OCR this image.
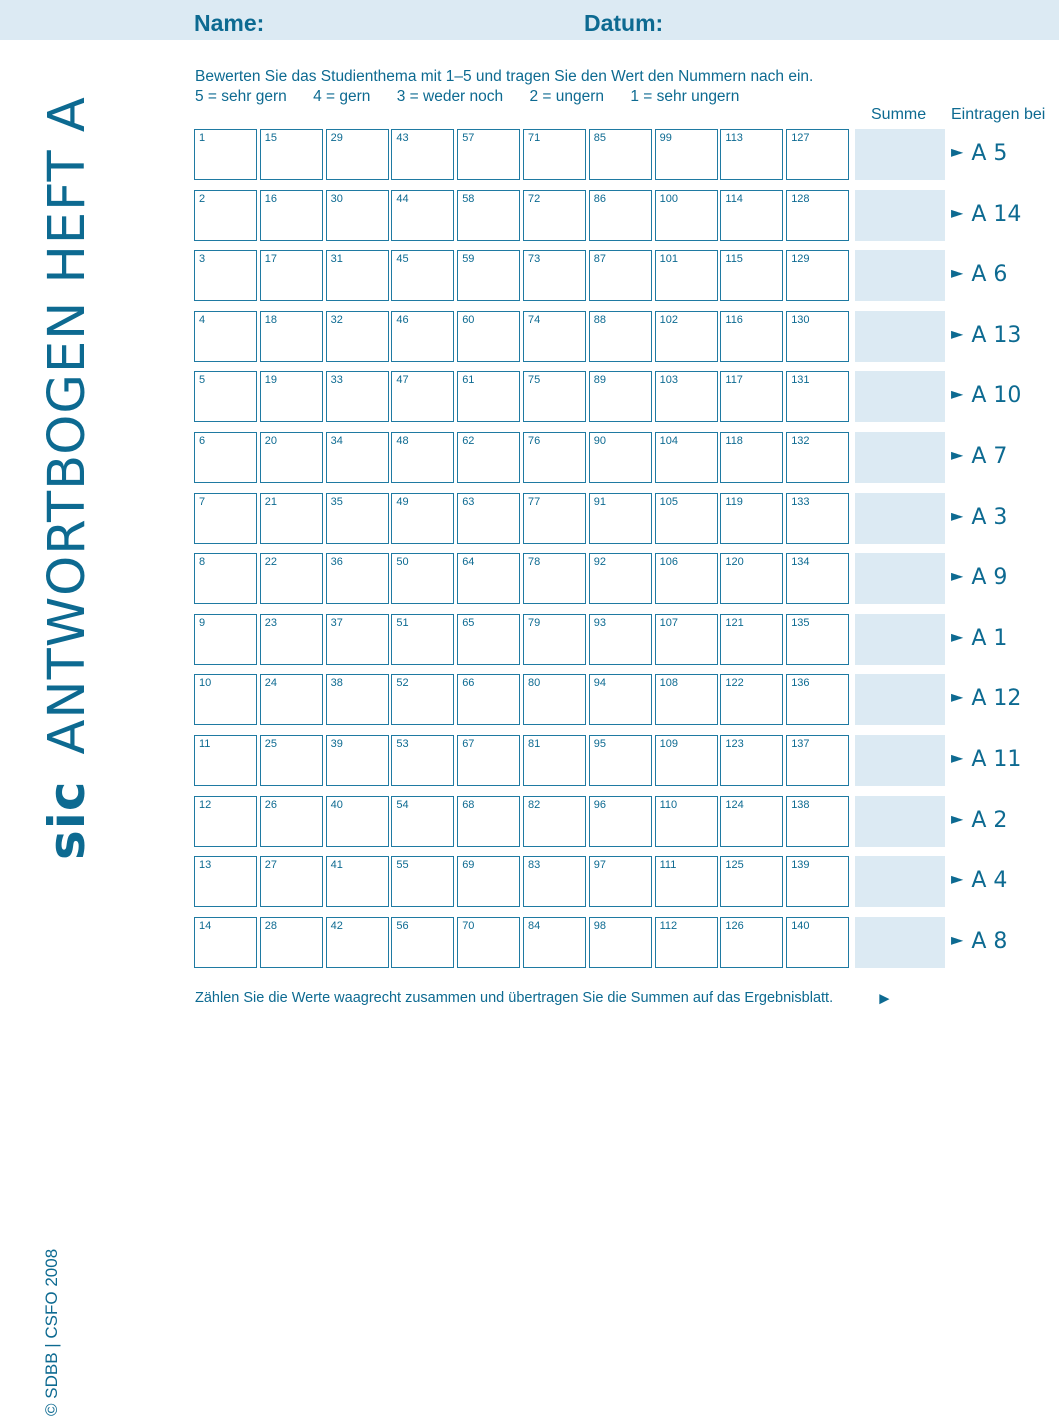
Name:	Datum:
sicANTWORTBOGEN HEFT A
© SDBB | CSFO 2008
Bewerten Sie das Studienthema mit 1–5 und tragen Sie den Wert den Nummern nach ein.
5 = sehr gern 4 = gern 3 = weder noch 2 = ungern 1 = sehr ungern
Summe Eintragen bei
1	15	29	43	57	71	85	99	113	127
► A 5
2	16	30	44	58	72	86	100	114	128
► A 14
3	17	31	45	59	73	87	101	115	129
► A 6
4	18	32	46	60	74	88	102	116	130
► A 13
5	19	33	47	61	75	89	103	117	131
► A 10
6	20	34	48	62	76	90	104	118	132
► A 7
7	21	35	49	63	77	91	105	119	133
► A 3
8	22	36	50	64	78	92	106	120	134
► A 9
9	23	37	51	65	79	93	107	121	135
► A 1
10	24	38	52	66	80	94	108	122	136
► A 12
11	25	39	53	67	81	95	109	123	137
► A 11
12	26	40	54	68	82	96	110	124	138
► A 2
13	27	41	55	69	83	97	111	125	139
► A 4
14	28	42	56	70	84	98	112	126	140
► A 8
Zählen Sie die Werte waagrecht zusammen und übertragen Sie die Summen auf das Ergebnisblatt.	►
